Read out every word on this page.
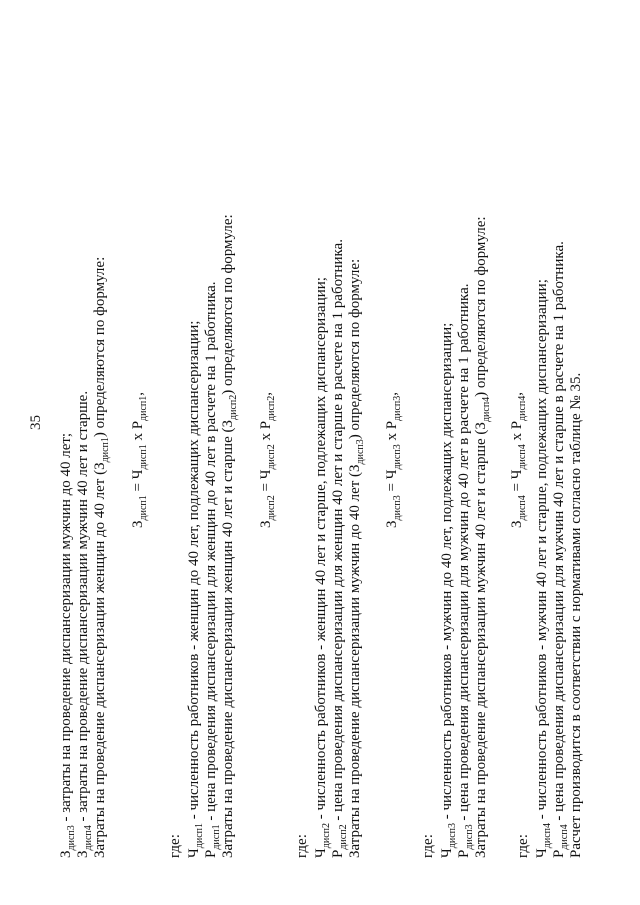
35
$З_{дисп3}$ - затраты на проведение диспансеризации мужчин до 40 лет;
$З_{дисп4}$ - затраты на проведение диспансеризации мужчин 40 лет и старше. Затраты на проведение диспансеризации женщин до 40 лет $(З_{дисп1})$ определяются по формуле:
$З_{дисп1} = Ч_{дисп1}$ х $Р_{дисп1}$,
где: $Ч_{дисп1}$ - численность работников - женщин до 40 лет, подлежащих диспансеризации;
$Р_{дисп1}$ - цена проведения диспансеризации для женщин до 40 лет в расчете на 1 работника. Затраты на проведение диспансеризации женщин 40 лет и старше $(З_{дисп2})$ определяются по формуле:
$З_{дисп2} = Ч_{дисп2}$ х $Р_{дисп2}$,
где: $Ч_{дисп2}$ - численность работников - женщин 40 лет и старше, подлежащих диспансеризации;
$Р_{дисп2}$ - цена проведения диспансеризации для женщин 40 лет и старше в расчете на 1 работника. Затраты на проведение диспансеризации мужчин до 40 лет $(З_{дисп3})$ определяются по формуле:
$З_{дисп3} = Ч_{дисп3}$ х $Р_{дисп3}$,
где: $Ч_{дисп3}$ - численность работников - мужчин до 40 лет, подлежащих диспансеризации;
$Р_{дисп3}$ - цена проведения диспансеризации для мужчин до 40 лет в расчете на 1 работника. Затраты на проведение диспансеризации мужчин 40 лет и старше $(З_{дисп4})$ определяются по формуле:
$З_{дисп4} = Ч_{дисп4}$ х $Р_{дисп4}$,
где: $Ч_{дисп4}$ - численность работников - мужчин 40 лет и старше, подлежащих диспансеризации;
$Р_{дисп4}$ - цена проведения диспансеризации для мужчин 40 лет и старше в расчете на 1 работника. Расчет производится в соответствии с нормативами согласно таблице № 35.
